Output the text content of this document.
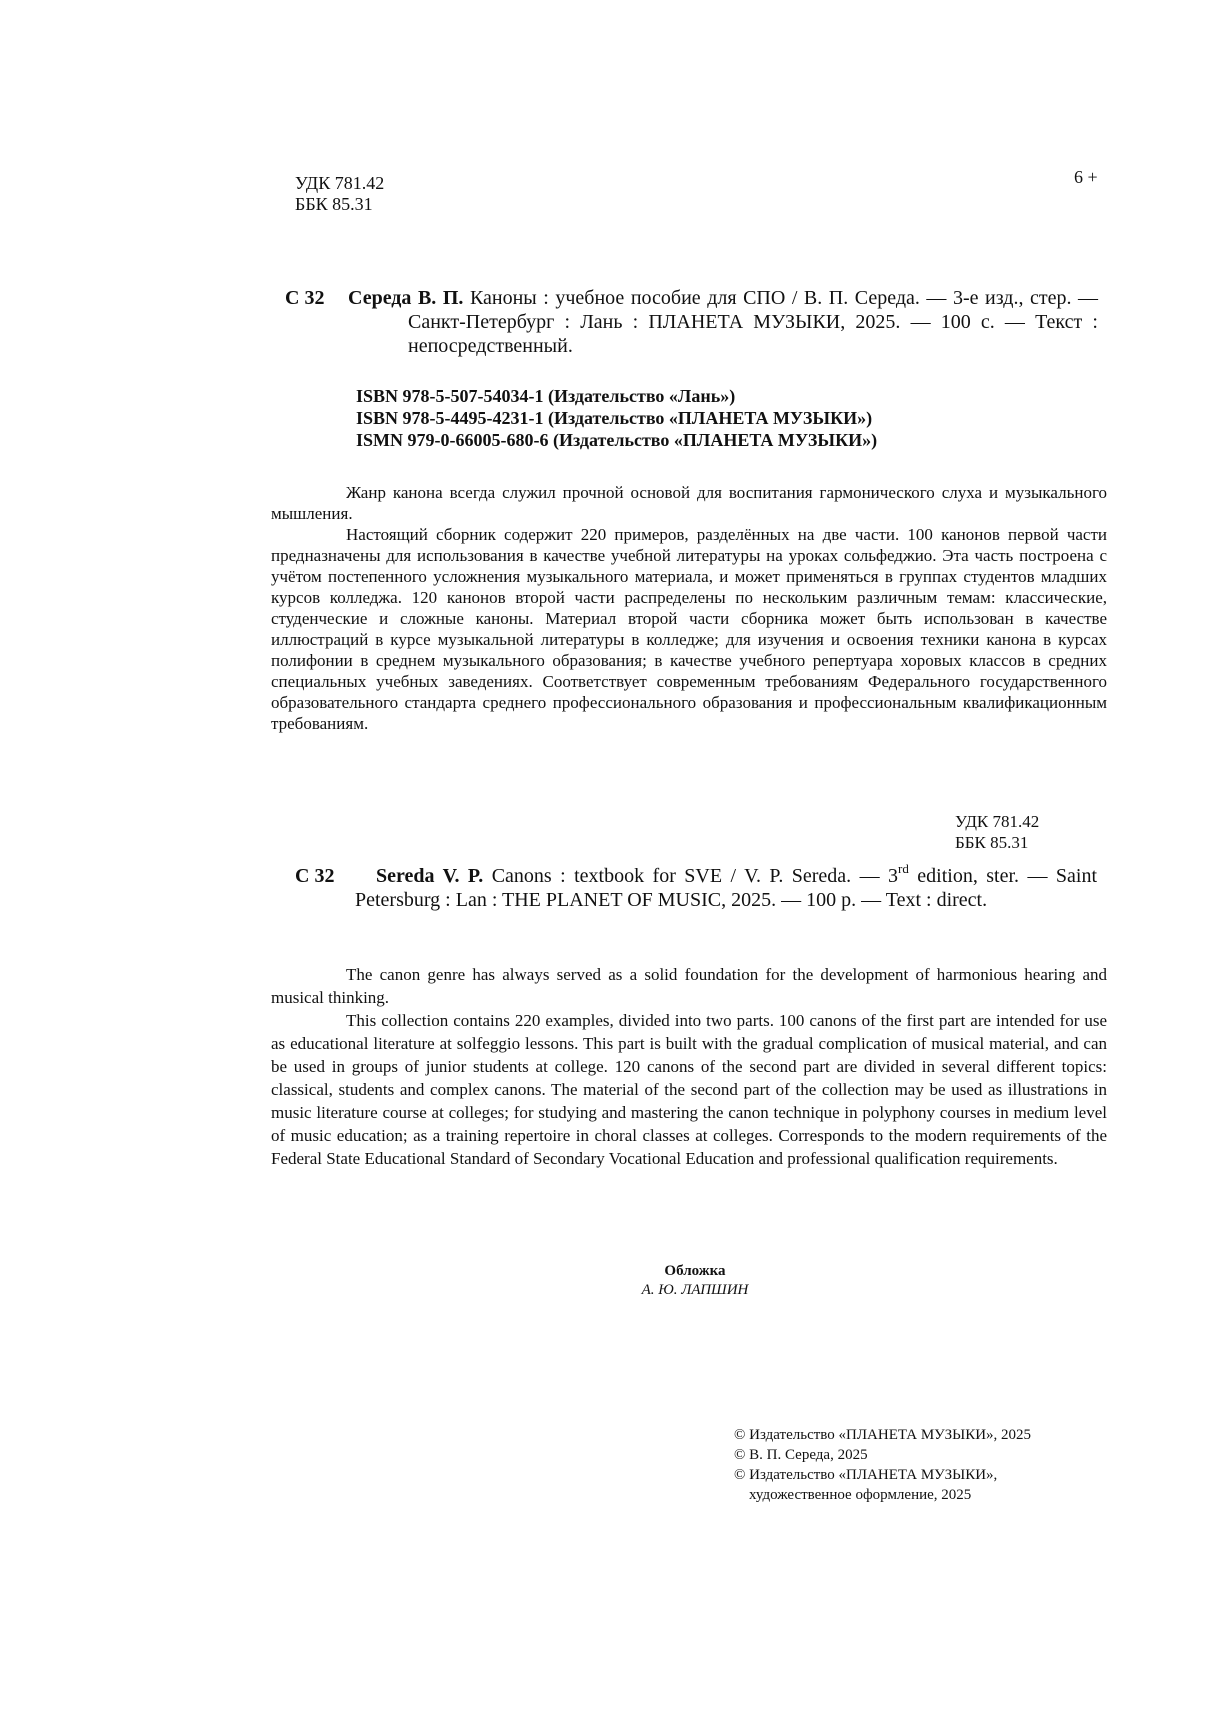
УДК 781.42
ББК 85.31
6 +
С 32 Середа В. П. Каноны : учебное пособие для СПО / В. П. Середа. — 3-е изд., стер. — Санкт-Петербург : Лань : ПЛАНЕТА МУЗЫКИ, 2025. — 100 с. — Текст : непосредственный.
ISBN 978-5-507-54034-1 (Издательство «Лань»)
ISBN 978-5-4495-4231-1 (Издательство «ПЛАНЕТА МУЗЫКИ»)
ISMN 979-0-66005-680-6 (Издательство «ПЛАНЕТА МУЗЫКИ»)

Жанр канона всегда служил прочной основой для воспитания гармонического слуха и музыкального мышления.

Настоящий сборник содержит 220 примеров, разделённых на две части. 100 канонов первой части предназначены для использования в качестве учебной литературы на уроках сольфеджио. Эта часть построена с учётом постепенного усложнения музыкального материала, и может применяться в группах студентов младших курсов колледжа. 120 канонов второй части распределены по нескольким различным темам: классические, студенческие и сложные каноны. Материал второй части сборника может быть использован в качестве иллюстраций в курсе музыкальной литературы в колледже; для изучения и освоения техники канона в курсах полифонии в среднем музыкального образования; в качестве учебного репертуара хоровых классов в средних специальных учебных заведениях. Соответствует современным требованиям Федерального государственного образовательного стандарта среднего профессионального образования и профессиональным квалификационным требованиям.

УДК 781.42
ББК 85.31
С 32	Sereda V. P. Canons : textbook for SVE / V. P. Sereda. — 3rd edition, ster. — Saint Petersburg : Lan : THE PLANET OF MUSIC, 2025. — 100 p. — Text : direct.

The canon genre has always served as a solid foundation for the development of harmonious hearing and musical thinking.

This collection contains 220 examples, divided into two parts. 100 canons of the first part are intended for use as educational literature at solfeggio lessons. This part is built with the gradual complication of musical material, and can be used in groups of junior students at college. 120 canons of the second part are divided in several different topics: classical, students and complex canons. The material of the second part of the collection may be used as illustrations in music literature course at colleges; for studying and mastering the canon technique in polyphony courses in medium level of music education; as a training repertoire in choral classes at colleges. Corresponds to the modern requirements of the Federal State Educational Standard of Secondary Vocational Education and professional qualification requirements.

Обложка
А. Ю. ЛАПШИН
© Издательство «ПЛАНЕТА МУЗЫКИ», 2025
© В. П. Середа, 2025
© Издательство «ПЛАНЕТА МУЗЫКИ»,
художественное оформление, 2025
